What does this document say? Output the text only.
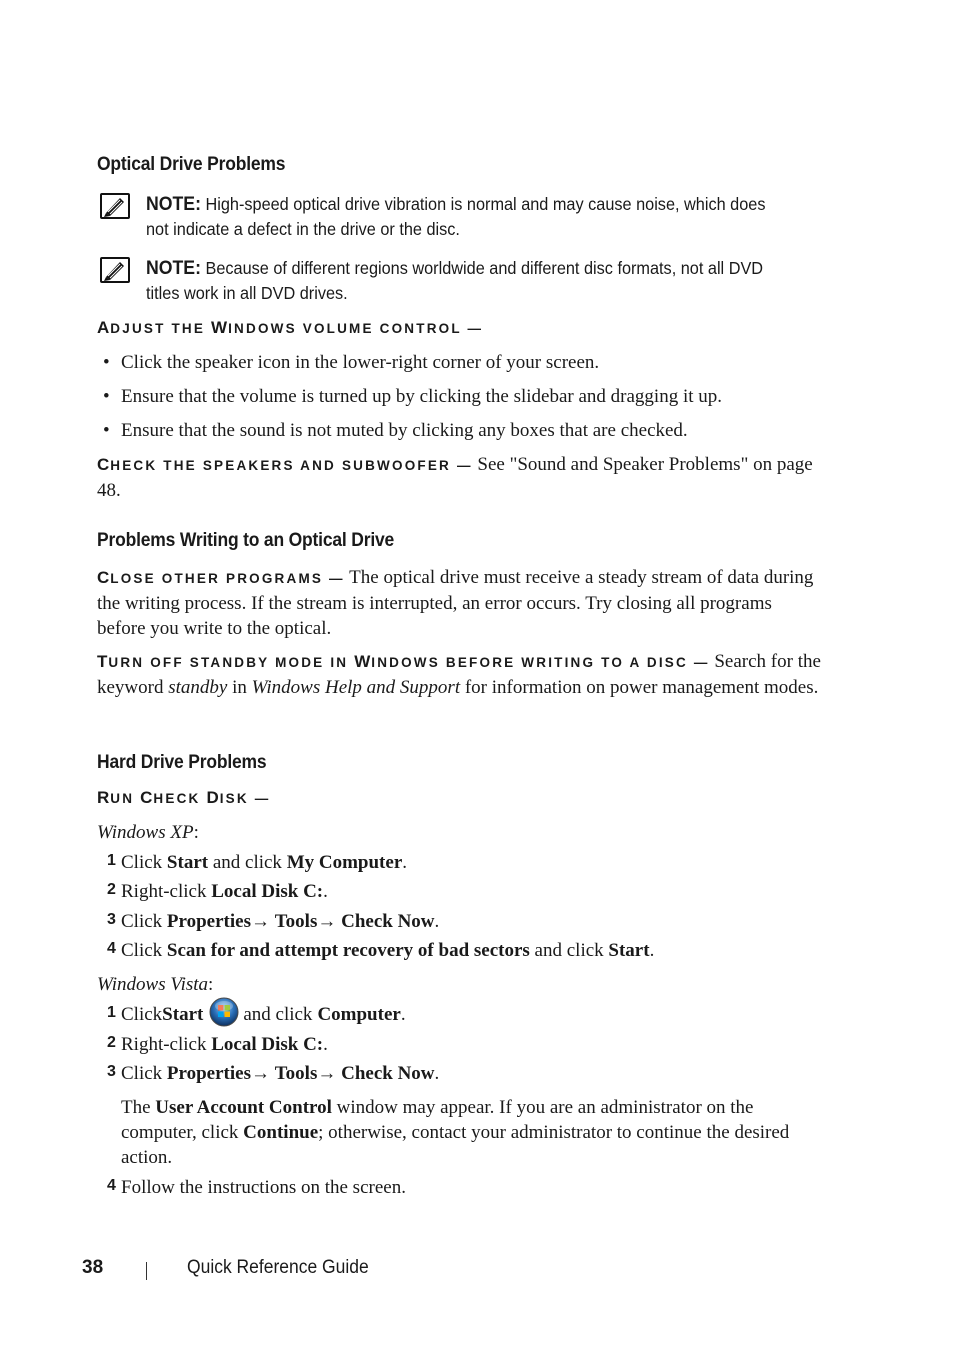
Optical Drive Problems
NOTE: High-speed optical drive vibration is normal and may cause noise, which does not indicate a defect in the drive or the disc.
NOTE: Because of different regions worldwide and different disc formats, not all DVD titles work in all DVD drives.
ADJUST THE WINDOWS VOLUME CONTROL —
• Click the speaker icon in the lower-right corner of your screen.
• Ensure that the volume is turned up by clicking the slidebar and dragging it up.
• Ensure that the sound is not muted by clicking any boxes that are checked.
CHECK THE SPEAKERS AND SUBWOOFER — See "Sound and Speaker Problems" on page 48.
Problems Writing to an Optical Drive
CLOSE OTHER PROGRAMS — The optical drive must receive a steady stream of data during the writing process. If the stream is interrupted, an error occurs. Try closing all programs before you write to the optical.
TURN OFF STANDBY MODE IN WINDOWS BEFORE WRITING TO A DISC — Search for the keyword standby in Windows Help and Support for information on power management modes.
Hard Drive Problems
RUN CHECK DISK —
Windows XP:
1 Click Start and click My Computer.
2 Right-click Local Disk C:.
3 Click Properties→ Tools→ Check Now.
4 Click Scan for and attempt recovery of bad sectors and click Start.
Windows Vista:
1 Click Start and click Computer .
2 Right-click Local Disk C:.
3 Click Properties→ Tools→ Check Now.
The User Account Control window may appear. If you are an administrator on the computer, click Continue; otherwise, contact your administrator to continue the desired action.
4 Follow the instructions on the screen.
38	Quick Reference Guide
